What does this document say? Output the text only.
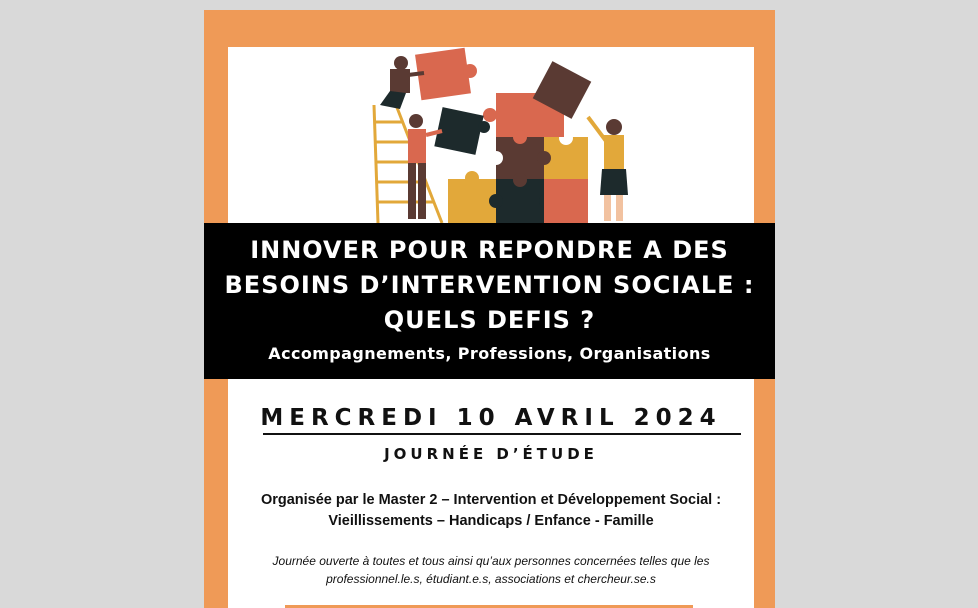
INNOVER POUR REPONDRE A DES
BESOINS D’INTERVENTION SOCIALE :
QUELS DEFIS ?
Accompagnements, Professions, Organisations
MERCREDI 10 AVRIL 2024
JOURNÉE D’ÉTUDE
Organisée par le Master 2 – Intervention et Développement Social :
Vieillissements – Handicaps / Enfance - Famille
Journée ouverte à toutes et tous ainsi qu’aux personnes concernées telles que les
professionnel.le.s, étudiant.e.s, associations et chercheur.se.s
